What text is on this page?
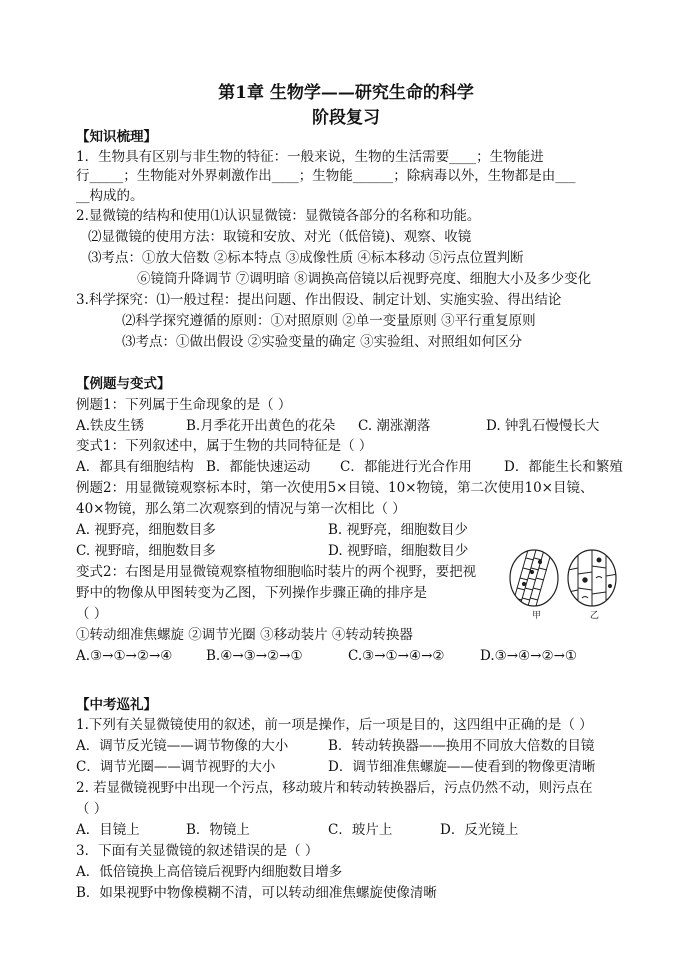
第1章 生物学——研究生命的科学
阶段复习
【知识梳理】
1．生物具有区别与非生物的特征：一般来说，生物的生活需要____；生物能进
行_____；生物能对外界刺激作出____；生物能______；除病毒以外，生物都是由___
__构成的。
2.显微镜的结构和使用⑴认识显微镜：显微镜各部分的名称和功能。
⑵显微镜的使用方法：取镜和安放、对光（低倍镜)、观察、收镜
⑶考点：①放大倍数 ②标本特点 ③成像性质 ④标本移动 ⑤污点位置判断
⑥镜筒升降调节 ⑦调明暗 ⑧调换高倍镜以后视野亮度、细胞大小及多少变化
3.科学探究：⑴一般过程：提出问题、作出假设、制定计划、实施实验、得出结论
⑵科学探究遵循的原则：①对照原则 ②单一变量原则 ③平行重复原则
⑶考点：①做出假设 ②实验变量的确定 ③实验组、对照组如何区分
【例题与变式】
例题1：下列属于生命现象的是（ ）
A.铁皮生锈	B.月季花开出黄色的花朵 C. 潮涨潮落	D. 钟乳石慢慢长大
变式1：下列叙述中，属于生物的共同特征是（ ）
A．都具有细胞结构 B．都能快速运动 C．都能进行光合作用 D．都能生长和繁殖
例题2：用显微镜观察标本时，第一次使用5×目镜、10×物镜，第二次使用10×目镜、
40×物镜，那么第二次观察到的情况与第一次相比（ ）
A. 视野亮，细胞数目多	B. 视野亮，细胞数目少
C. 视野暗，细胞数目多	D. 视野暗，细胞数目少
变式2：右图是用显微镜观察植物细胞临时装片的两个视野，要把视
野中的物像从甲图转变为乙图，下列操作步骤正确的排序是
（ ）
①转动细准焦螺旋 ②调节光圈 ③移动装片 ④转动转换器
A.③→①→②→④ B.④→③→②→①	C.③→①→④→②	D.③→④→②→①
甲	乙
【中考巡礼】
1.下列有关显微镜使用的叙述，前一项是操作，后一项是目的，这四组中正确的是（ ）
A．调节反光镜——调节物像的大小	B．转动转换器——换用不同放大倍数的目镜
C．调节光圈——调节视野的大小	D．调节细准焦螺旋——使看到的物像更清晰
2. 若显微镜视野中出现一个污点，移动玻片和转动转换器后，污点仍然不动，则污点在
（ ）
A．目镜上	B．物镜上	C．玻片上	D．反光镜上
3．下面有关显微镜的叙述错误的是（ ）
A．低倍镜换上高倍镜后视野内细胞数目增多
B．如果视野中物像模糊不清，可以转动细准焦螺旋使像清晰
